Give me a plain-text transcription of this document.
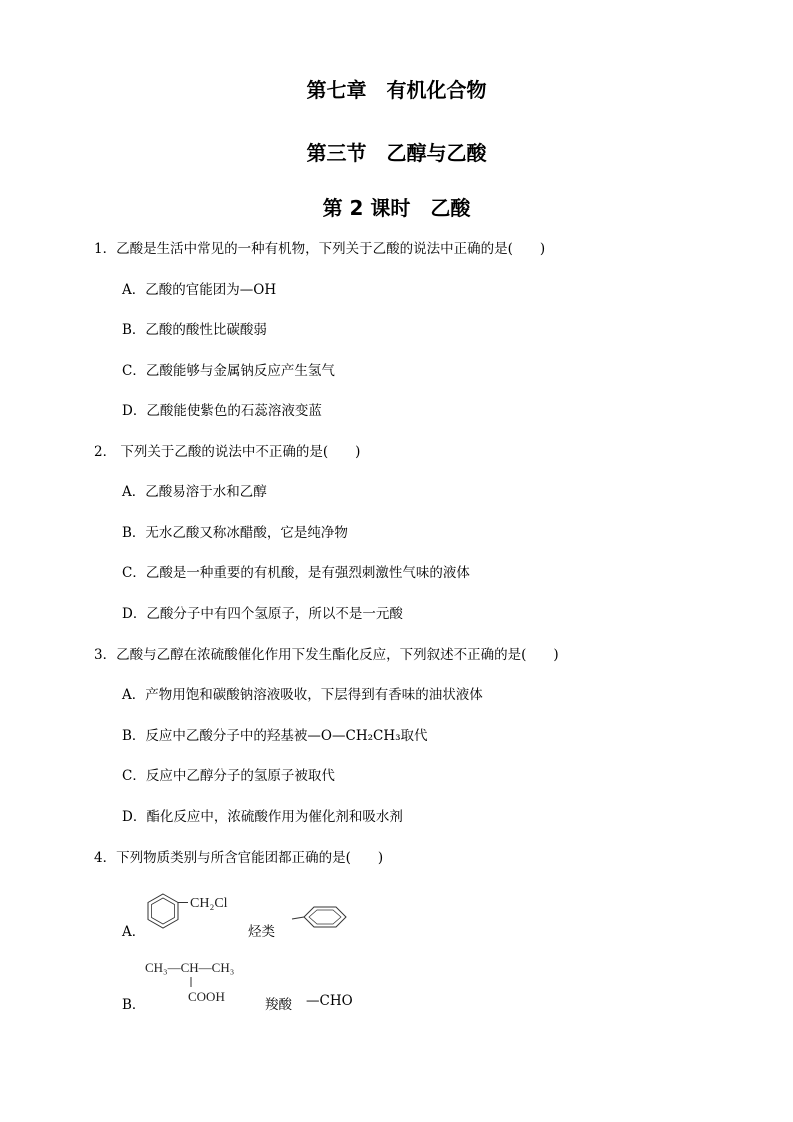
第七章　有机化合物
第三节　乙醇与乙酸
第 2 课时　乙酸
1．乙酸是生活中常见的一种有机物，下列关于乙酸的说法中正确的是(　　)
A．乙酸的官能团为—OH
B．乙酸的酸性比碳酸弱
C．乙酸能够与金属钠反应产生氢气
D．乙酸能使紫色的石蕊溶液变蓝
2． 下列关于乙酸的说法中不正确的是(　　)
A．乙酸易溶于水和乙醇
B．无水乙酸又称冰醋酸，它是纯净物
C．乙酸是一种重要的有机酸，是有强烈刺激性气味的液体
D．乙酸分子中有四个氢原子，所以不是一元酸
3．乙酸与乙醇在浓硫酸催化作用下发生酯化反应，下列叙述不正确的是(　　)
A．产物用饱和碳酸钠溶液吸收，下层得到有香味的油状液体
B．反应中乙酸分子中的羟基被—O—CH₂CH₃取代
C．反应中乙醇分子的氢原子被取代
D．酯化反应中，浓硫酸作用为催化剂和吸水剂
4．下列物质类别与所含官能团都正确的是(　　)
A．
CH₂Cl
烃类
B．
CH₃—CH—CH₃
COOH
羧酸 —CHO
